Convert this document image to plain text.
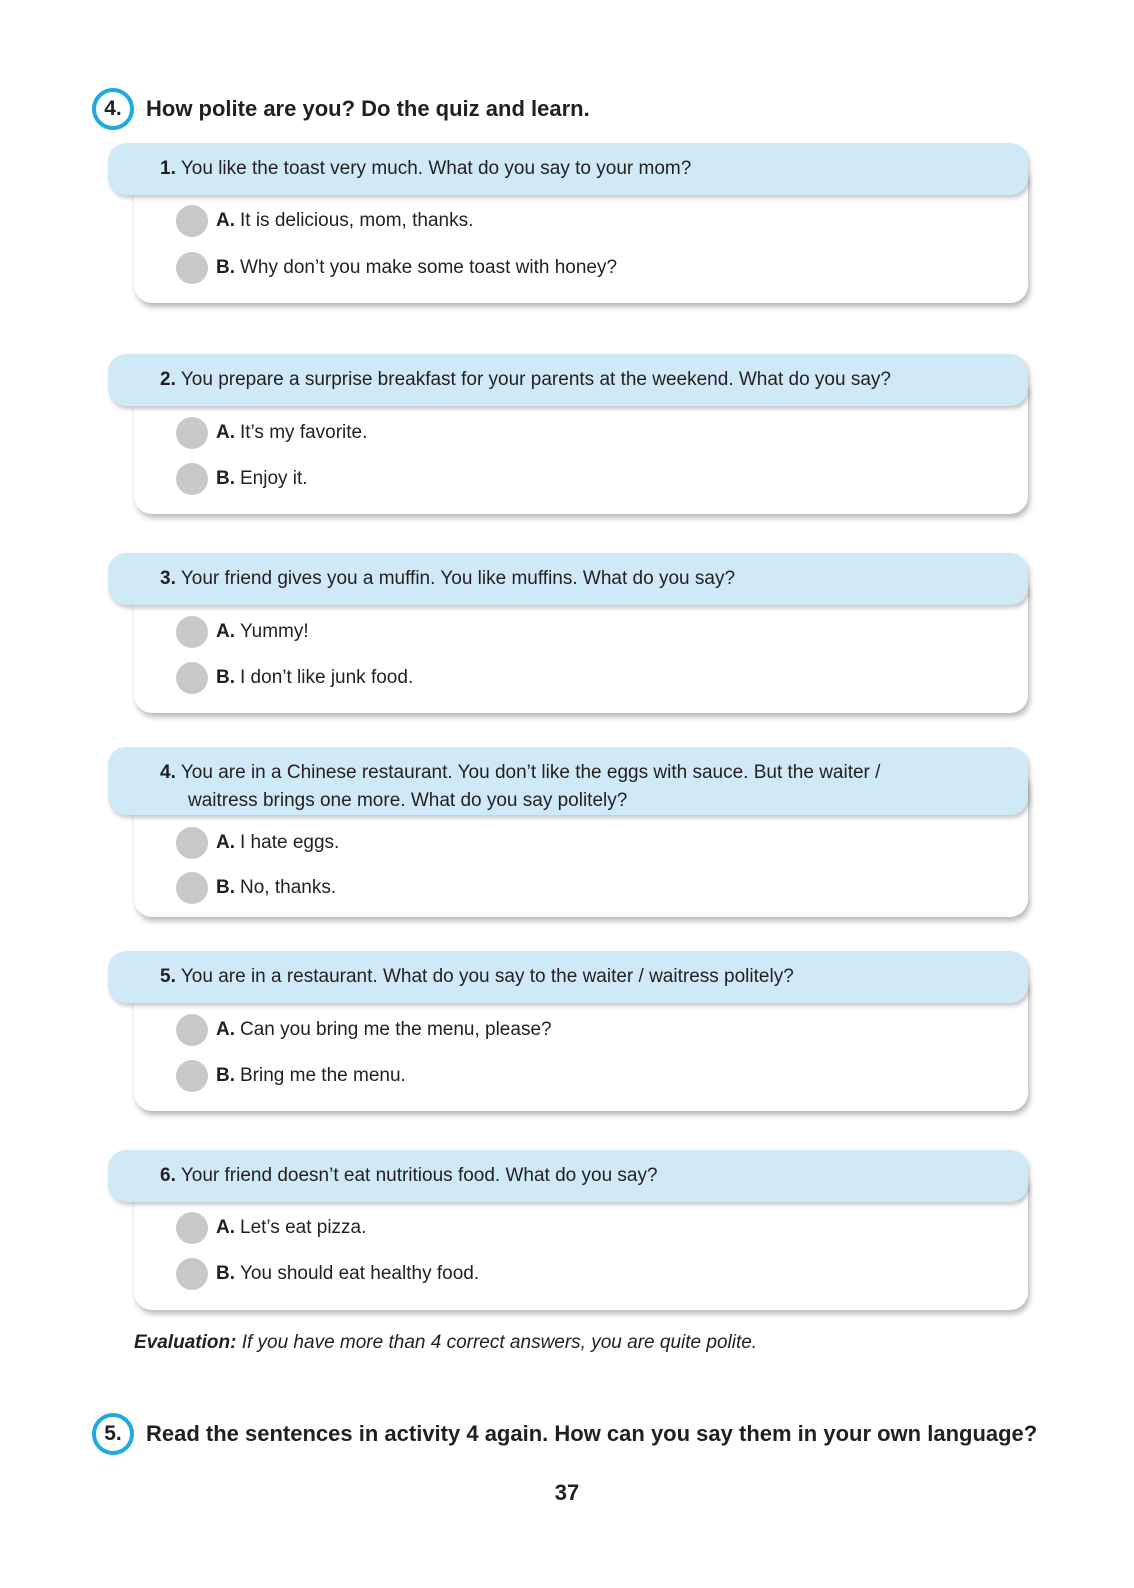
4.	How polite are you? Do the quiz and learn.
1. You like the toast very much. What do you say to your mom?
A. It is delicious, mom, thanks.
B. Why don’t you make some toast with honey?
2. You prepare a surprise breakfast for your parents at the weekend. What do you say?
A. It’s my favorite.
B. Enjoy it.
3. Your friend gives you a muffin. You like muffins. What do you say?
A. Yummy!
B. I don’t like junk food.
4. You are in a Chinese restaurant. You don’t like the eggs with sauce. But the waiter /
waitress brings one more. What do you say politely?
A. I hate eggs.
B. No, thanks.
5. You are in a restaurant. What do you say to the waiter / waitress politely?
A. Can you bring me the menu, please?
B. Bring me the menu.
6. Your friend doesn’t eat nutritious food. What do you say?
A. Let’s eat pizza.
B. You should eat healthy food.
Evaluation: If you have more than 4 correct answers, you are quite polite.
5.	Read the sentences in activity 4 again. How can you say them in your own language?
37
